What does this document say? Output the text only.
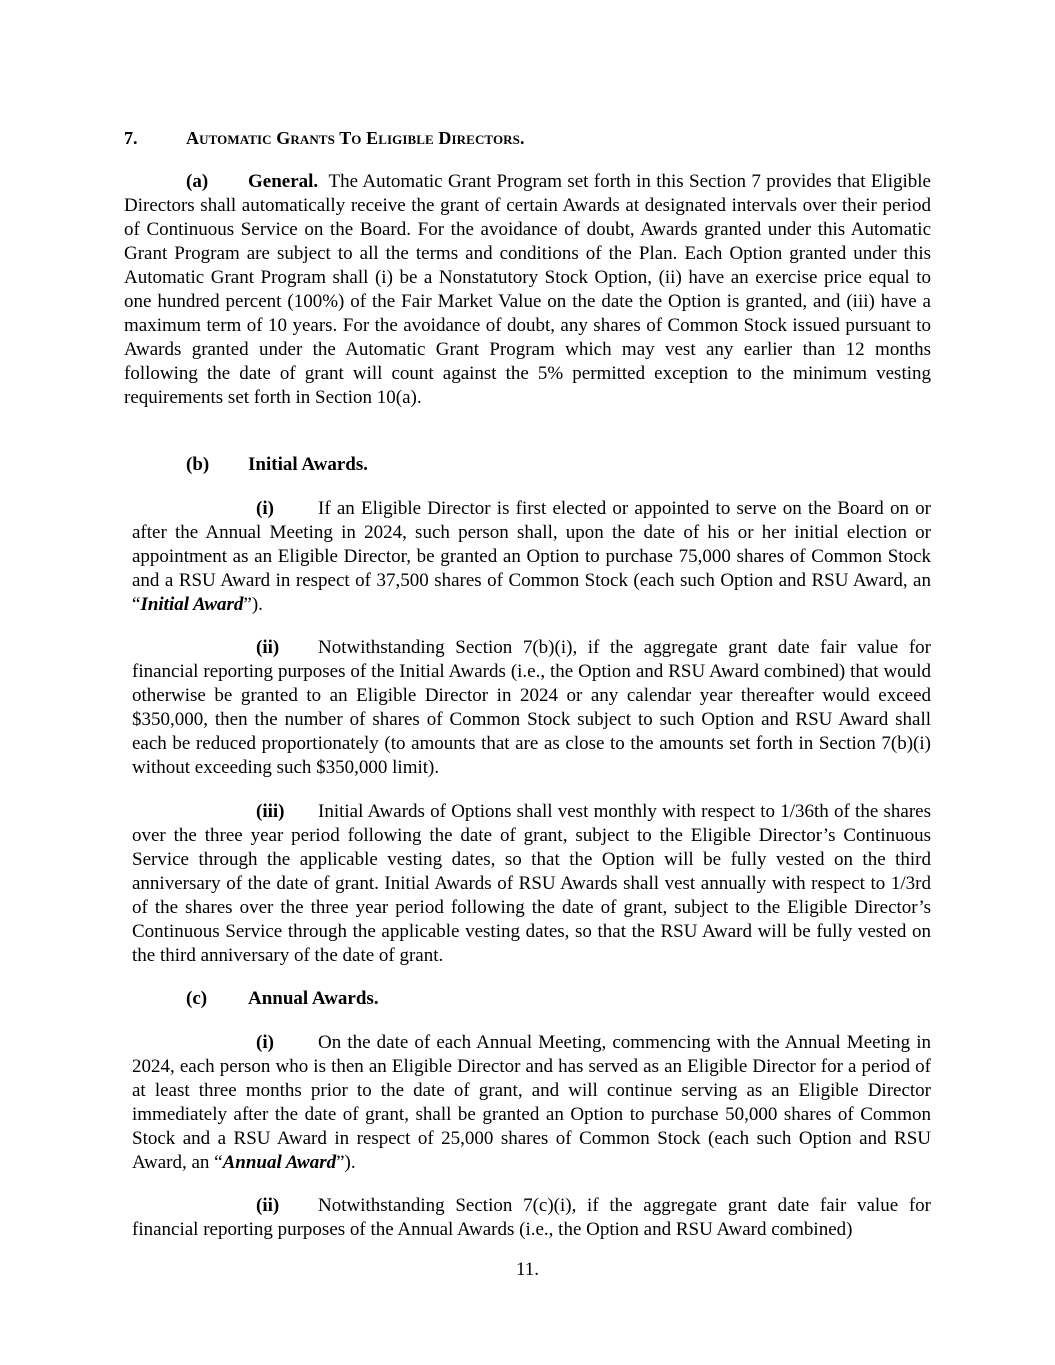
7.	Automatic Grants To Eligible Directors.

(a) General. The Automatic Grant Program set forth in this Section 7 provides that Eligible Directors shall automatically receive the grant of certain Awards at designated intervals over their period of Continuous Service on the Board. For the avoidance of doubt, Awards granted under this Automatic Grant Program are subject to all the terms and conditions of the Plan. Each Option granted under this Automatic Grant Program shall (i) be a Nonstatutory Stock Option, (ii) have an exercise price equal to one hundred percent (100%) of the Fair Market Value on the date the Option is granted, and (iii) have a maximum term of 10 years. For the avoidance of doubt, any shares of Common Stock issued pursuant to Awards granted under the Automatic Grant Program which may vest any earlier than 12 months following the date of grant will count against the 5% permitted exception to the minimum vesting requirements set forth in Section 10(a).

(b) Initial Awards.

(i) If an Eligible Director is first elected or appointed to serve on the Board on or after the Annual Meeting in 2024, such person shall, upon the date of his or her initial election or appointment as an Eligible Director, be granted an Option to purchase 75,000 shares of Common Stock and a RSU Award in respect of 37,500 shares of Common Stock (each such Option and RSU Award, an “Initial Award”).

(ii) Notwithstanding Section 7(b)(i), if the aggregate grant date fair value for financial reporting purposes of the Initial Awards (i.e., the Option and RSU Award combined) that would otherwise be granted to an Eligible Director in 2024 or any calendar year thereafter would exceed $350,000, then the number of shares of Common Stock subject to such Option and RSU Award shall each be reduced proportionately (to amounts that are as close to the amounts set forth in Section 7(b)(i) without exceeding such $350,000 limit).

(iii) Initial Awards of Options shall vest monthly with respect to 1/36th of the shares over the three year period following the date of grant, subject to the Eligible Director’s Continuous Service through the applicable vesting dates, so that the Option will be fully vested on the third anniversary of the date of grant. Initial Awards of RSU Awards shall vest annually with respect to 1/3rd of the shares over the three year period following the date of grant, subject to the Eligible Director’s Continuous Service through the applicable vesting dates, so that the RSU Award will be fully vested on the third anniversary of the date of grant.

(c) Annual Awards.

(i) On the date of each Annual Meeting, commencing with the Annual Meeting in 2024, each person who is then an Eligible Director and has served as an Eligible Director for a period of at least three months prior to the date of grant, and will continue serving as an Eligible Director immediately after the date of grant, shall be granted an Option to purchase 50,000 shares of Common Stock and a RSU Award in respect of 25,000 shares of Common Stock (each such Option and RSU Award, an “Annual Award”).

(ii) Notwithstanding Section 7(c)(i), if the aggregate grant date fair value for financial reporting purposes of the Annual Awards (i.e., the Option and RSU Award combined)

11.
